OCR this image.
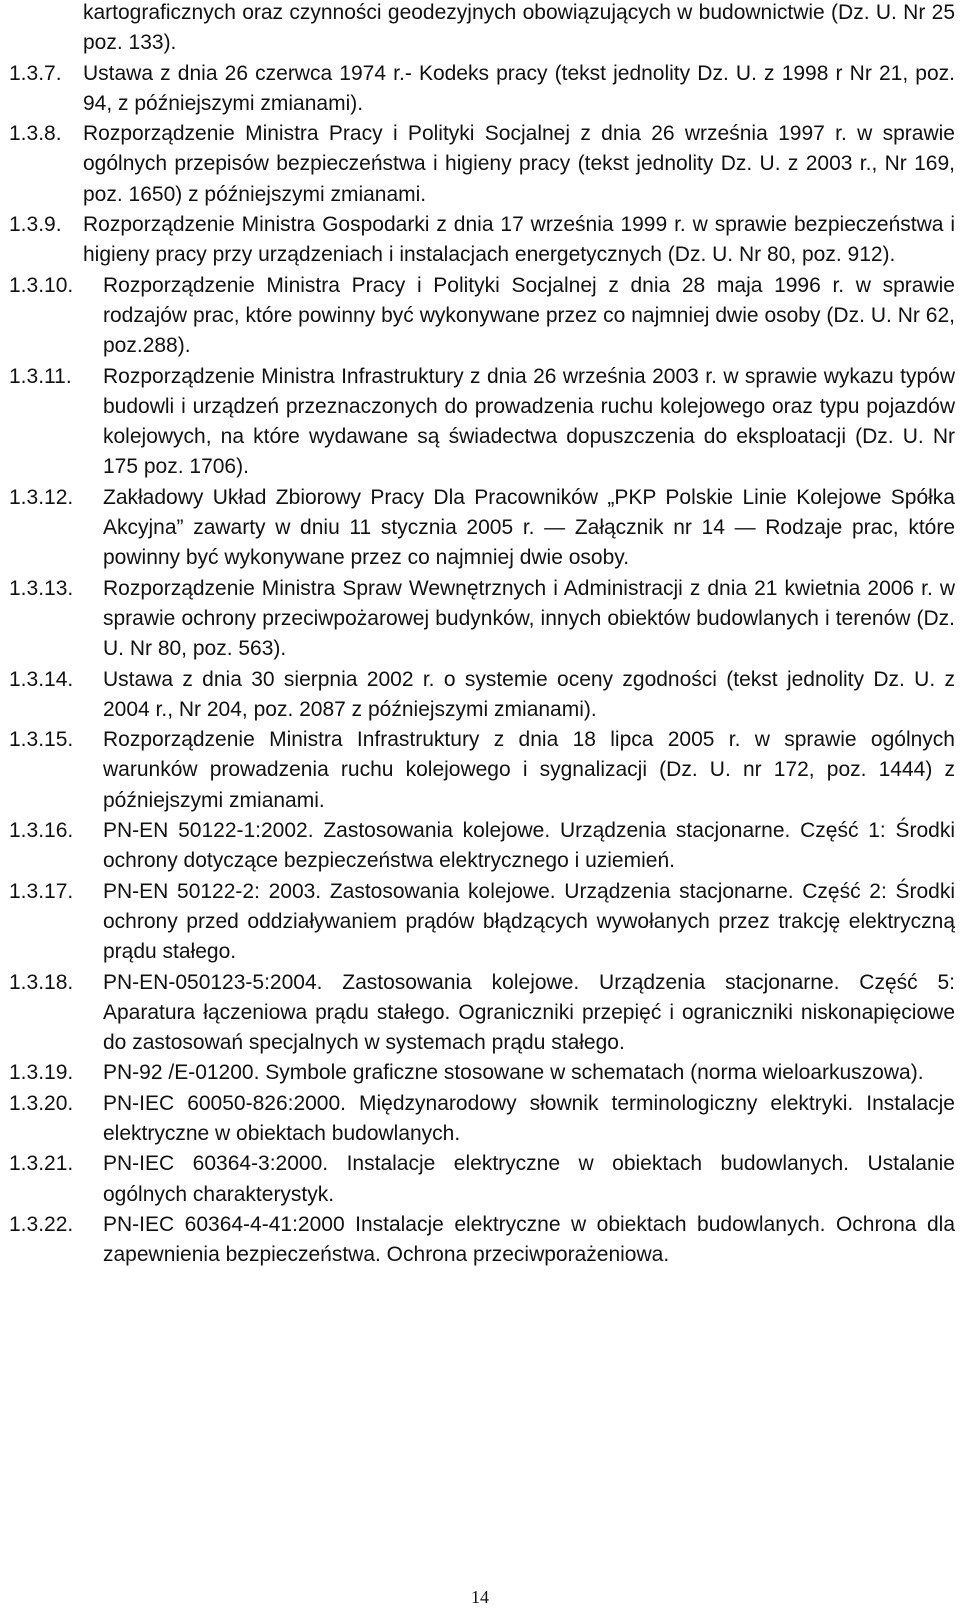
kartograficznych oraz czynności geodezyjnych obowiązujących w budownictwie (Dz. U. Nr 25 poz. 133).
1.3.7. Ustawa z dnia 26 czerwca 1974 r.- Kodeks pracy (tekst jednolity Dz. U. z 1998 r Nr 21, poz. 94, z późniejszymi zmianami).
1.3.8. Rozporządzenie Ministra Pracy i Polityki Socjalnej z dnia 26 września 1997 r. w sprawie ogólnych przepisów bezpieczeństwa i higieny pracy (tekst jednolity Dz. U. z 2003 r., Nr 169, poz. 1650) z późniejszymi zmianami.
1.3.9. Rozporządzenie Ministra Gospodarki z dnia 17 września 1999 r. w sprawie bezpieczeństwa i higieny pracy przy urządzeniach i instalacjach energetycznych (Dz. U. Nr 80, poz. 912).
1.3.10. Rozporządzenie Ministra Pracy i Polityki Socjalnej z dnia 28 maja 1996 r. w sprawie rodzajów prac, które powinny być wykonywane przez co najmniej dwie osoby (Dz. U. Nr 62, poz.288).
1.3.11. Rozporządzenie Ministra Infrastruktury z dnia 26 września 2003 r. w sprawie wykazu typów budowli i urządzeń przeznaczonych do prowadzenia ruchu kolejowego oraz typu pojazdów kolejowych, na które wydawane są świadectwa dopuszczenia do eksploatacji (Dz. U. Nr 175 poz. 1706).
1.3.12. Zakładowy Układ Zbiorowy Pracy Dla Pracowników „PKP Polskie Linie Kolejowe Spółka Akcyjna” zawarty w dniu 11 stycznia 2005 r. — Załącznik nr 14 — Rodzaje prac, które powinny być wykonywane przez co najmniej dwie osoby.
1.3.13. Rozporządzenie Ministra Spraw Wewnętrznych i Administracji z dnia 21 kwietnia 2006 r. w sprawie ochrony przeciwpożarowej budynków, innych obiektów budowlanych i terenów (Dz. U. Nr 80, poz. 563).
1.3.14. Ustawa z dnia 30 sierpnia 2002 r. o systemie oceny zgodności (tekst jednolity Dz. U. z 2004 r., Nr 204, poz. 2087 z późniejszymi zmianami).
1.3.15. Rozporządzenie Ministra Infrastruktury z dnia 18 lipca 2005 r. w sprawie ogólnych warunków prowadzenia ruchu kolejowego i sygnalizacji (Dz. U. nr 172, poz. 1444) z późniejszymi zmianami.
1.3.16. PN-EN 50122-1:2002. Zastosowania kolejowe. Urządzenia stacjonarne. Część 1: Środki ochrony dotyczące bezpieczeństwa elektrycznego i uziemień.
1.3.17. PN-EN 50122-2: 2003. Zastosowania kolejowe. Urządzenia stacjonarne. Część 2: Środki ochrony przed oddziaływaniem prądów błądzących wywołanych przez trakcję elektryczną prądu stałego.
1.3.18. PN-EN-050123-5:2004. Zastosowania kolejowe. Urządzenia stacjonarne. Część 5: Aparatura łączeniowa prądu stałego. Ograniczniki przepięć i ograniczniki niskonapięciowe do zastosowań specjalnych w systemach prądu stałego.
1.3.19. PN-92 /E-01200. Symbole graficzne stosowane w schematach (norma wieloarkuszowa).
1.3.20. PN-IEC 60050-826:2000. Międzynarodowy słownik terminologiczny elektryki. Instalacje elektryczne w obiektach budowlanych.
1.3.21. PN-IEC 60364-3:2000. Instalacje elektryczne w obiektach budowlanych. Ustalanie ogólnych charakterystyk.
1.3.22. PN-IEC 60364-4-41:2000 Instalacje elektryczne w obiektach budowlanych. Ochrona dla zapewnienia bezpieczeństwa. Ochrona przeciwporażeniowa.
14
